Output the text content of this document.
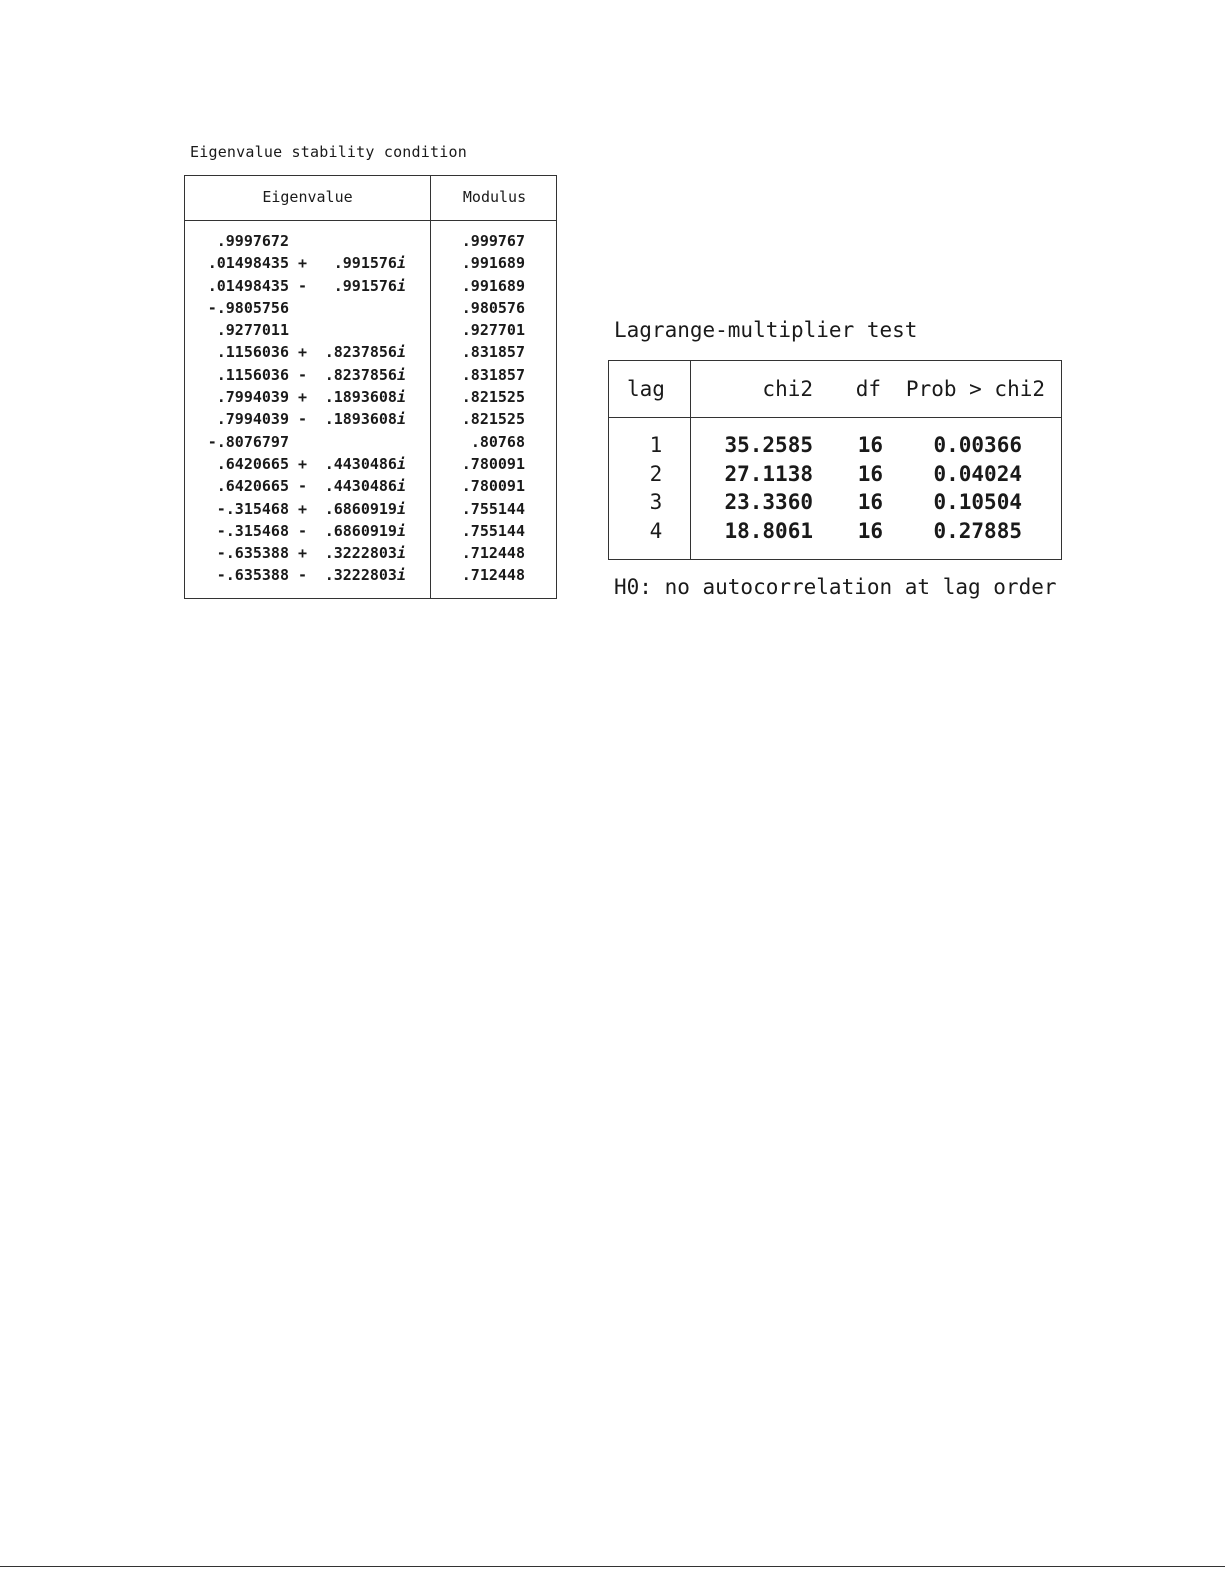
Eigenvalue stability condition
Eigenvalue	Modulus
.9997672	.999767
.01498435 + .991576i	.991689
.01498435 - .991576i	.991689
-.9805756	.980576
.9277011	.927701
.1156036 + .8237856i	.831857
.1156036 - .8237856i	.831857
.7994039 + .1893608i	.821525
.7994039 - .1893608i	.821525
-.8076797	.80768
.6420665 + .4430486i	.780091
.6420665 - .4430486i	.780091
-.315468 + .6860919i	.755144
-.315468 - .6860919i	.755144
-.635388 + .3222803i	.712448
-.635388 - .3222803i	.712448
Lagrange-multiplier test
lag	chi2 df Prob > chi2
1	35.2585 16 0.00366
2	27.1138 16 0.04024
3	23.3360 16 0.10504
4	18.8061 16 0.27885
H0: no autocorrelation at lag order
